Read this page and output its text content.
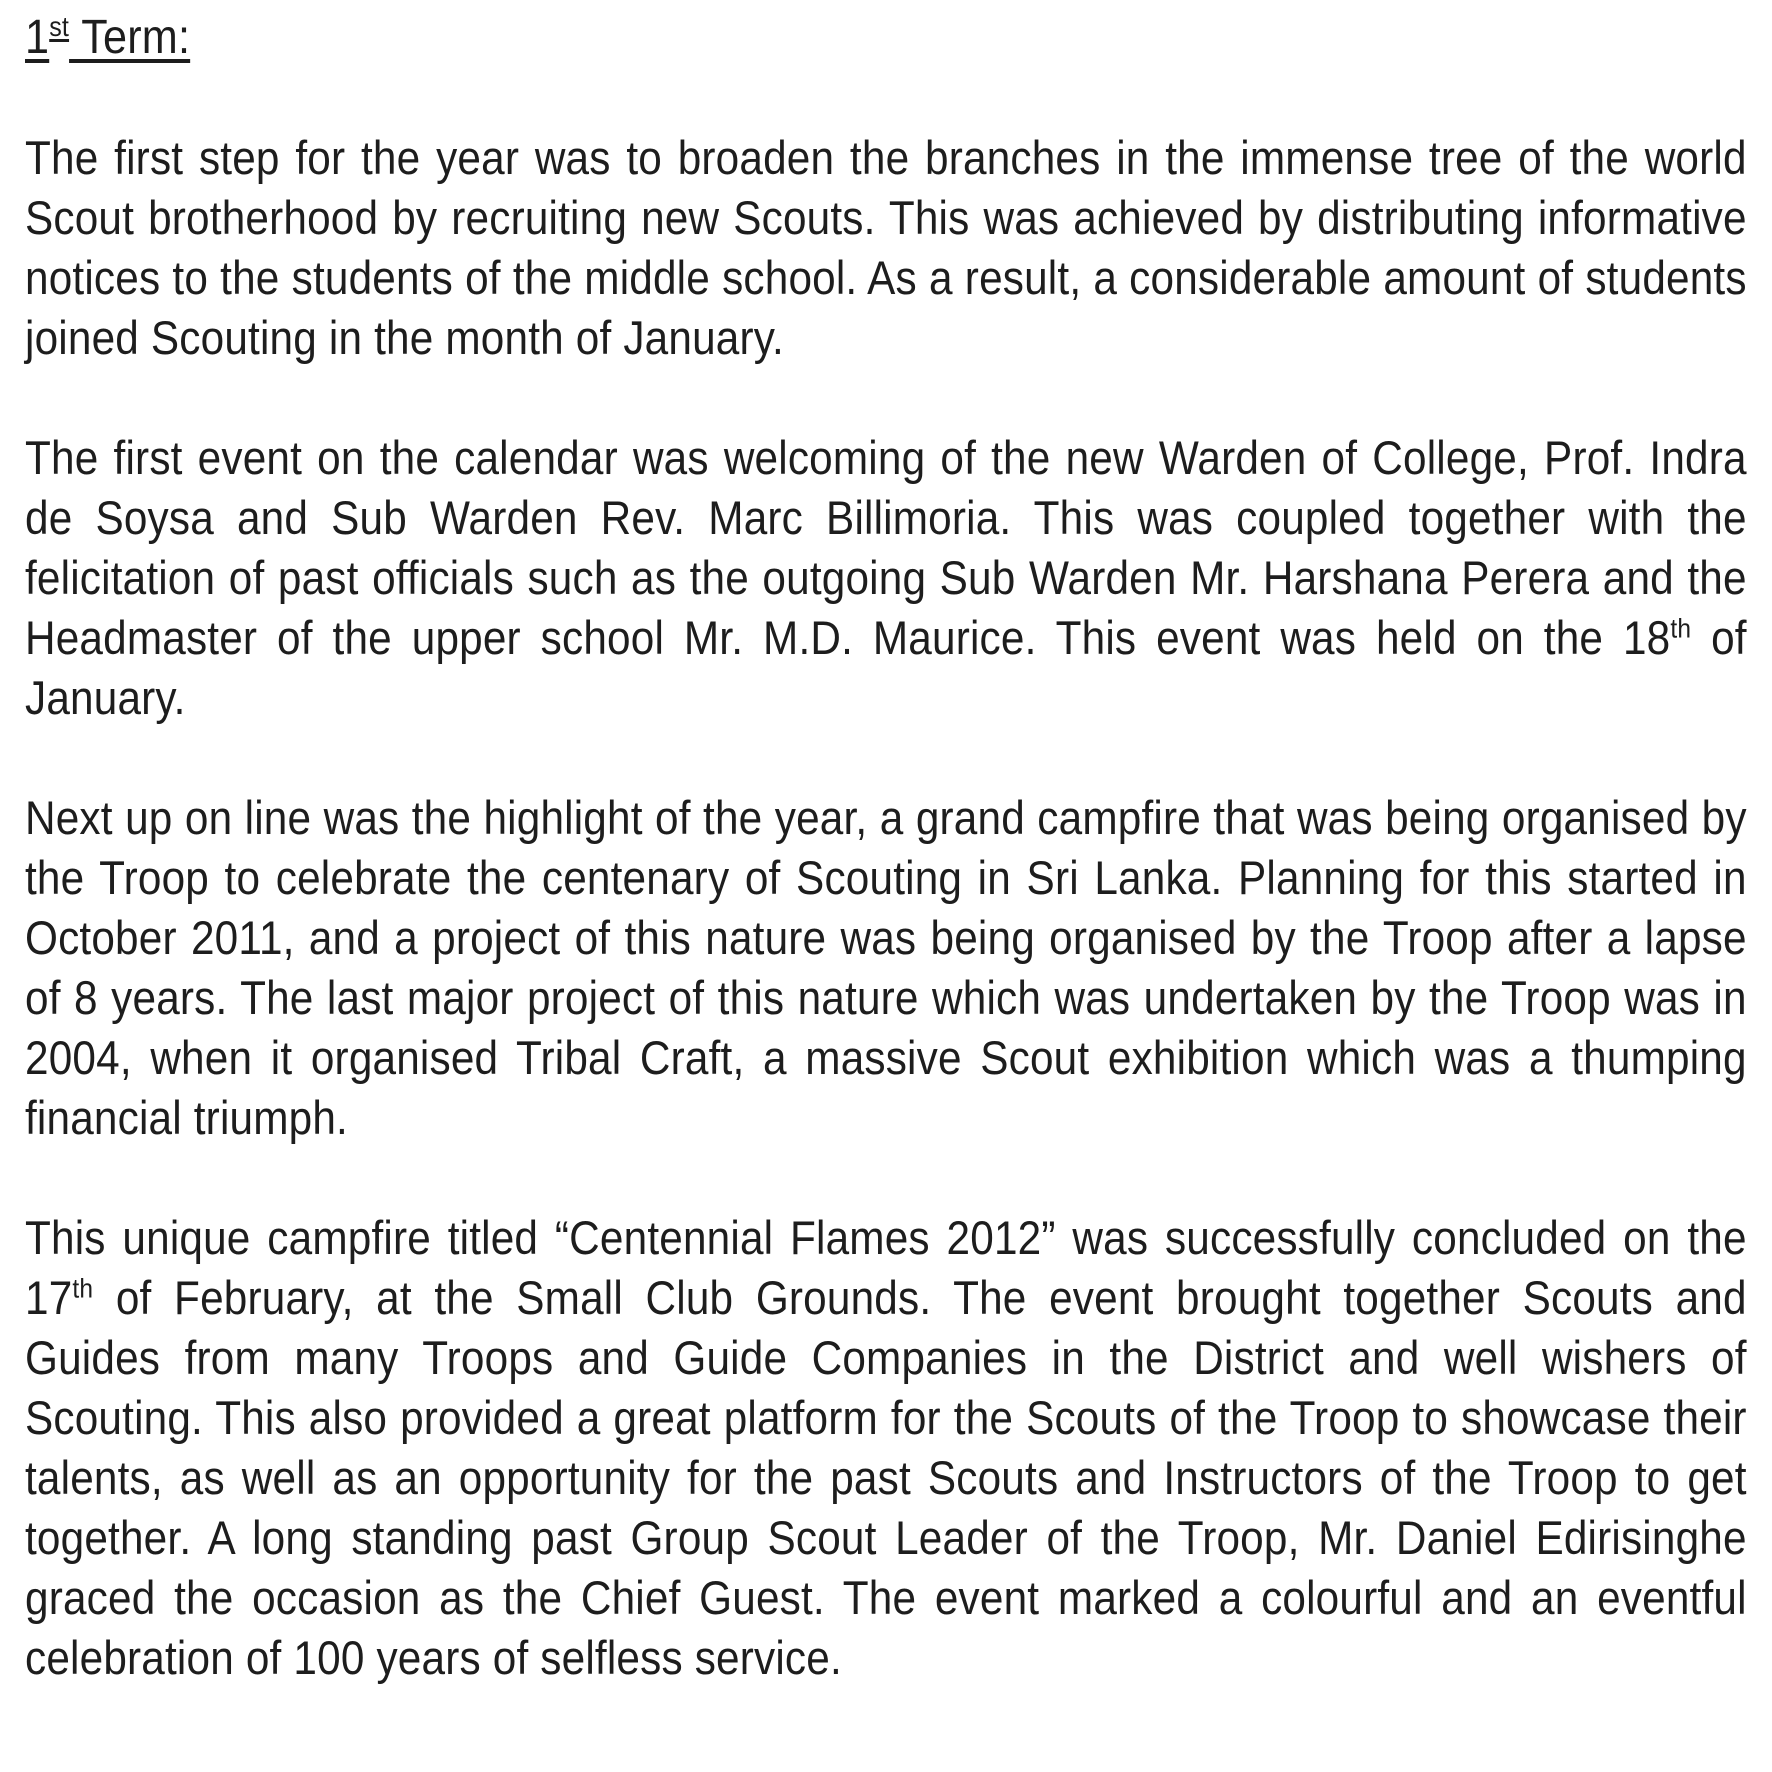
1st Term:

The first step for the year was to broaden the branches in the immense tree of the world Scout brotherhood by recruiting new Scouts. This was achieved by distributing informative notices to the students of the middle school. As a result, a considerable amount of students joined Scouting in the month of January.

The first event on the calendar was welcoming of the new Warden of College, Prof. Indra de Soysa and Sub Warden Rev. Marc Billimoria. This was coupled together with the felicitation of past officials such as the outgoing Sub Warden Mr. Harshana Perera and the Headmaster of the upper school Mr. M.D. Maurice. This event was held on the 18th of January.

Next up on line was the highlight of the year, a grand campfire that was being organised by the Troop to celebrate the centenary of Scouting in Sri Lanka. Planning for this started in October 2011, and a project of this nature was being organised by the Troop after a lapse of 8 years. The last major project of this nature which was undertaken by the Troop was in 2004, when it organised Tribal Craft, a massive Scout exhibition which was a thumping financial triumph.

This unique campfire titled “Centennial Flames 2012” was successfully concluded on the 17th of February, at the Small Club Grounds. The event brought together Scouts and Guides from many Troops and Guide Companies in the District and well wishers of Scouting. This also provided a great platform for the Scouts of the Troop to showcase their talents, as well as an opportunity for the past Scouts and Instructors of the Troop to get together. A long standing past Group Scout Leader of the Troop, Mr. Daniel Edirisinghe graced the occasion as the Chief Guest. The event marked a colourful and an eventful celebration of 100 years of selfless service.
